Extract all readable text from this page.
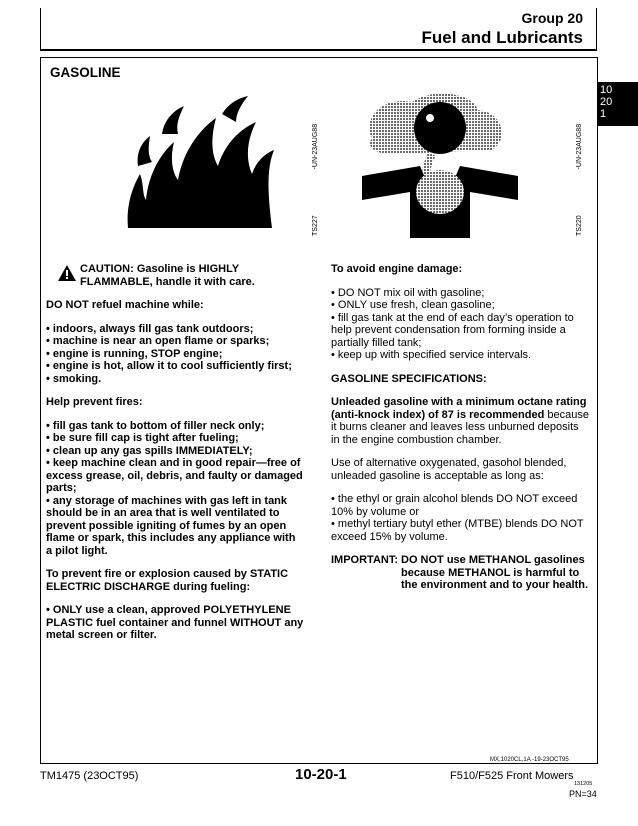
Group 20
Fuel and Lubricants
GASOLINE
10
20
1
TS227 -UN-23AUG88
TS220 -UN-23AUG88

CAUTION: Gasoline is HIGHLY

FLAMMABLE, handle it with care.

DO NOT refuel machine while:

• indoors, always fill gas tank outdoors;

• machine is near an open flame or sparks;

• engine is running, STOP engine;

• engine is hot, allow it to cool sufficiently first;

• smoking.

Help prevent fires:

• fill gas tank to bottom of filler neck only;

• be sure fill cap is tight after fueling;

• clean up any gas spills IMMEDIATELY;

• keep machine clean and in good repair—free of excess grease, oil, debris, and faulty or damaged parts;

• any storage of machines with gas left in tank should be in an area that is well ventilated to prevent possible igniting of fumes by an open flame or spark, this includes any appliance with a pilot light.

To prevent fire or explosion caused by STATIC ELECTRIC DISCHARGE during fueling:

• ONLY use a clean, approved POLYETHYLENE PLASTIC fuel container and funnel WITHOUT any metal screen or filter.

To avoid engine damage:

• DO NOT mix oil with gasoline;

• ONLY use fresh, clean gasoline;

• fill gas tank at the end of each day’s operation to help prevent condensation from forming inside a partially filled tank;

• keep up with specified service intervals.

GASOLINE SPECIFICATIONS:

Unleaded gasoline with a minimum octane rating (anti-knock index) of 87 is recommended because it burns cleaner and leaves less unburned deposits in the engine combustion chamber.

Use of alternative oxygenated, gasohol blended, unleaded gasoline is acceptable as long as:

• the ethyl or grain alcohol blends DO NOT exceed 10% by volume or

• methyl tertiary butyl ether (MTBE) blends DO NOT exceed 15% by volume.

IMPORTANT: DO NOT use METHANOL gasolines because METHANOL is harmful to the environment and to your health.
MX,1020CL,1A -19-23OCT95
TM1475 (23OCT95)	10-20-1	F510/F525 Front Mowers
131205
PN=34
